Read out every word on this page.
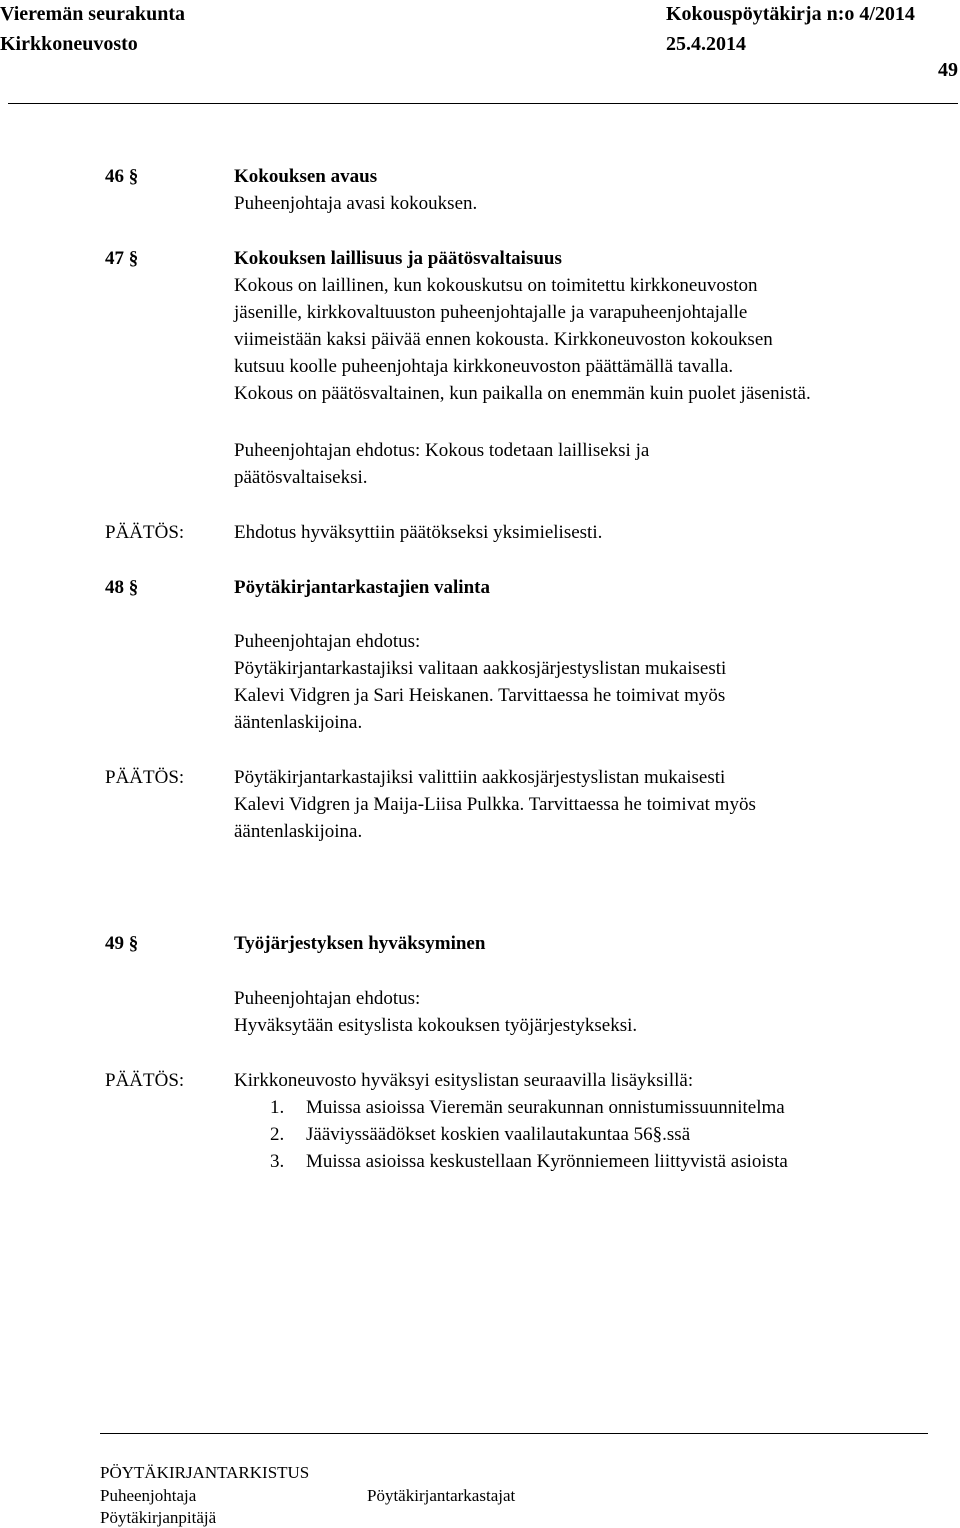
Vieremän seurakunta
Kirkkoneuvosto
Kokouspöytäkirja n:o 4/2014
25.4.2014
49
46 §	Kokouksen avaus
Puheenjohtaja avasi kokouksen.
47 §	Kokouksen laillisuus ja päätösvaltaisuus
Kokous on laillinen, kun kokouskutsu on toimitettu kirkkoneuvoston
jäsenille, kirkkovaltuuston puheenjohtajalle ja varapuheenjohtajalle
viimeistään kaksi päivää ennen kokousta. Kirkkoneuvoston kokouksen
kutsuu koolle puheenjohtaja kirkkoneuvoston päättämällä tavalla.
Kokous on päätösvaltainen, kun paikalla on enemmän kuin puolet jäsenistä.
Puheenjohtajan ehdotus: Kokous todetaan lailliseksi ja
päätösvaltaiseksi.
PÄÄTÖS:	Ehdotus hyväksyttiin päätökseksi yksimielisesti.
48 §	Pöytäkirjantarkastajien valinta
Puheenjohtajan ehdotus:
Pöytäkirjantarkastajiksi valitaan aakkosjärjestyslistan mukaisesti
Kalevi Vidgren ja Sari Heiskanen. Tarvittaessa he toimivat myös
ääntenlaskijoina.
PÄÄTÖS:	Pöytäkirjantarkastajiksi valittiin aakkosjärjestyslistan mukaisesti
Kalevi Vidgren ja Maija-Liisa Pulkka. Tarvittaessa he toimivat myös
ääntenlaskijoina.
49 §	Työjärjestyksen hyväksyminen
Puheenjohtajan ehdotus:
Hyväksytään esityslista kokouksen työjärjestykseksi.
PÄÄTÖS:	Kirkkoneuvosto hyväksyi esityslistan seuraavilla lisäyksillä:
1. Muissa asioissa Vieremän seurakunnan onnistumissuunnitelma
2. Jääviyssäädökset koskien vaalilautakuntaa 56§.ssä
3. Muissa asioissa keskustellaan Kyrönniemeen liittyvistä asioista
PÖYTÄKIRJANTARKISTUS
Puheenjohtaja	Pöytäkirjantarkastajat
Pöytäkirjanpitäjä
